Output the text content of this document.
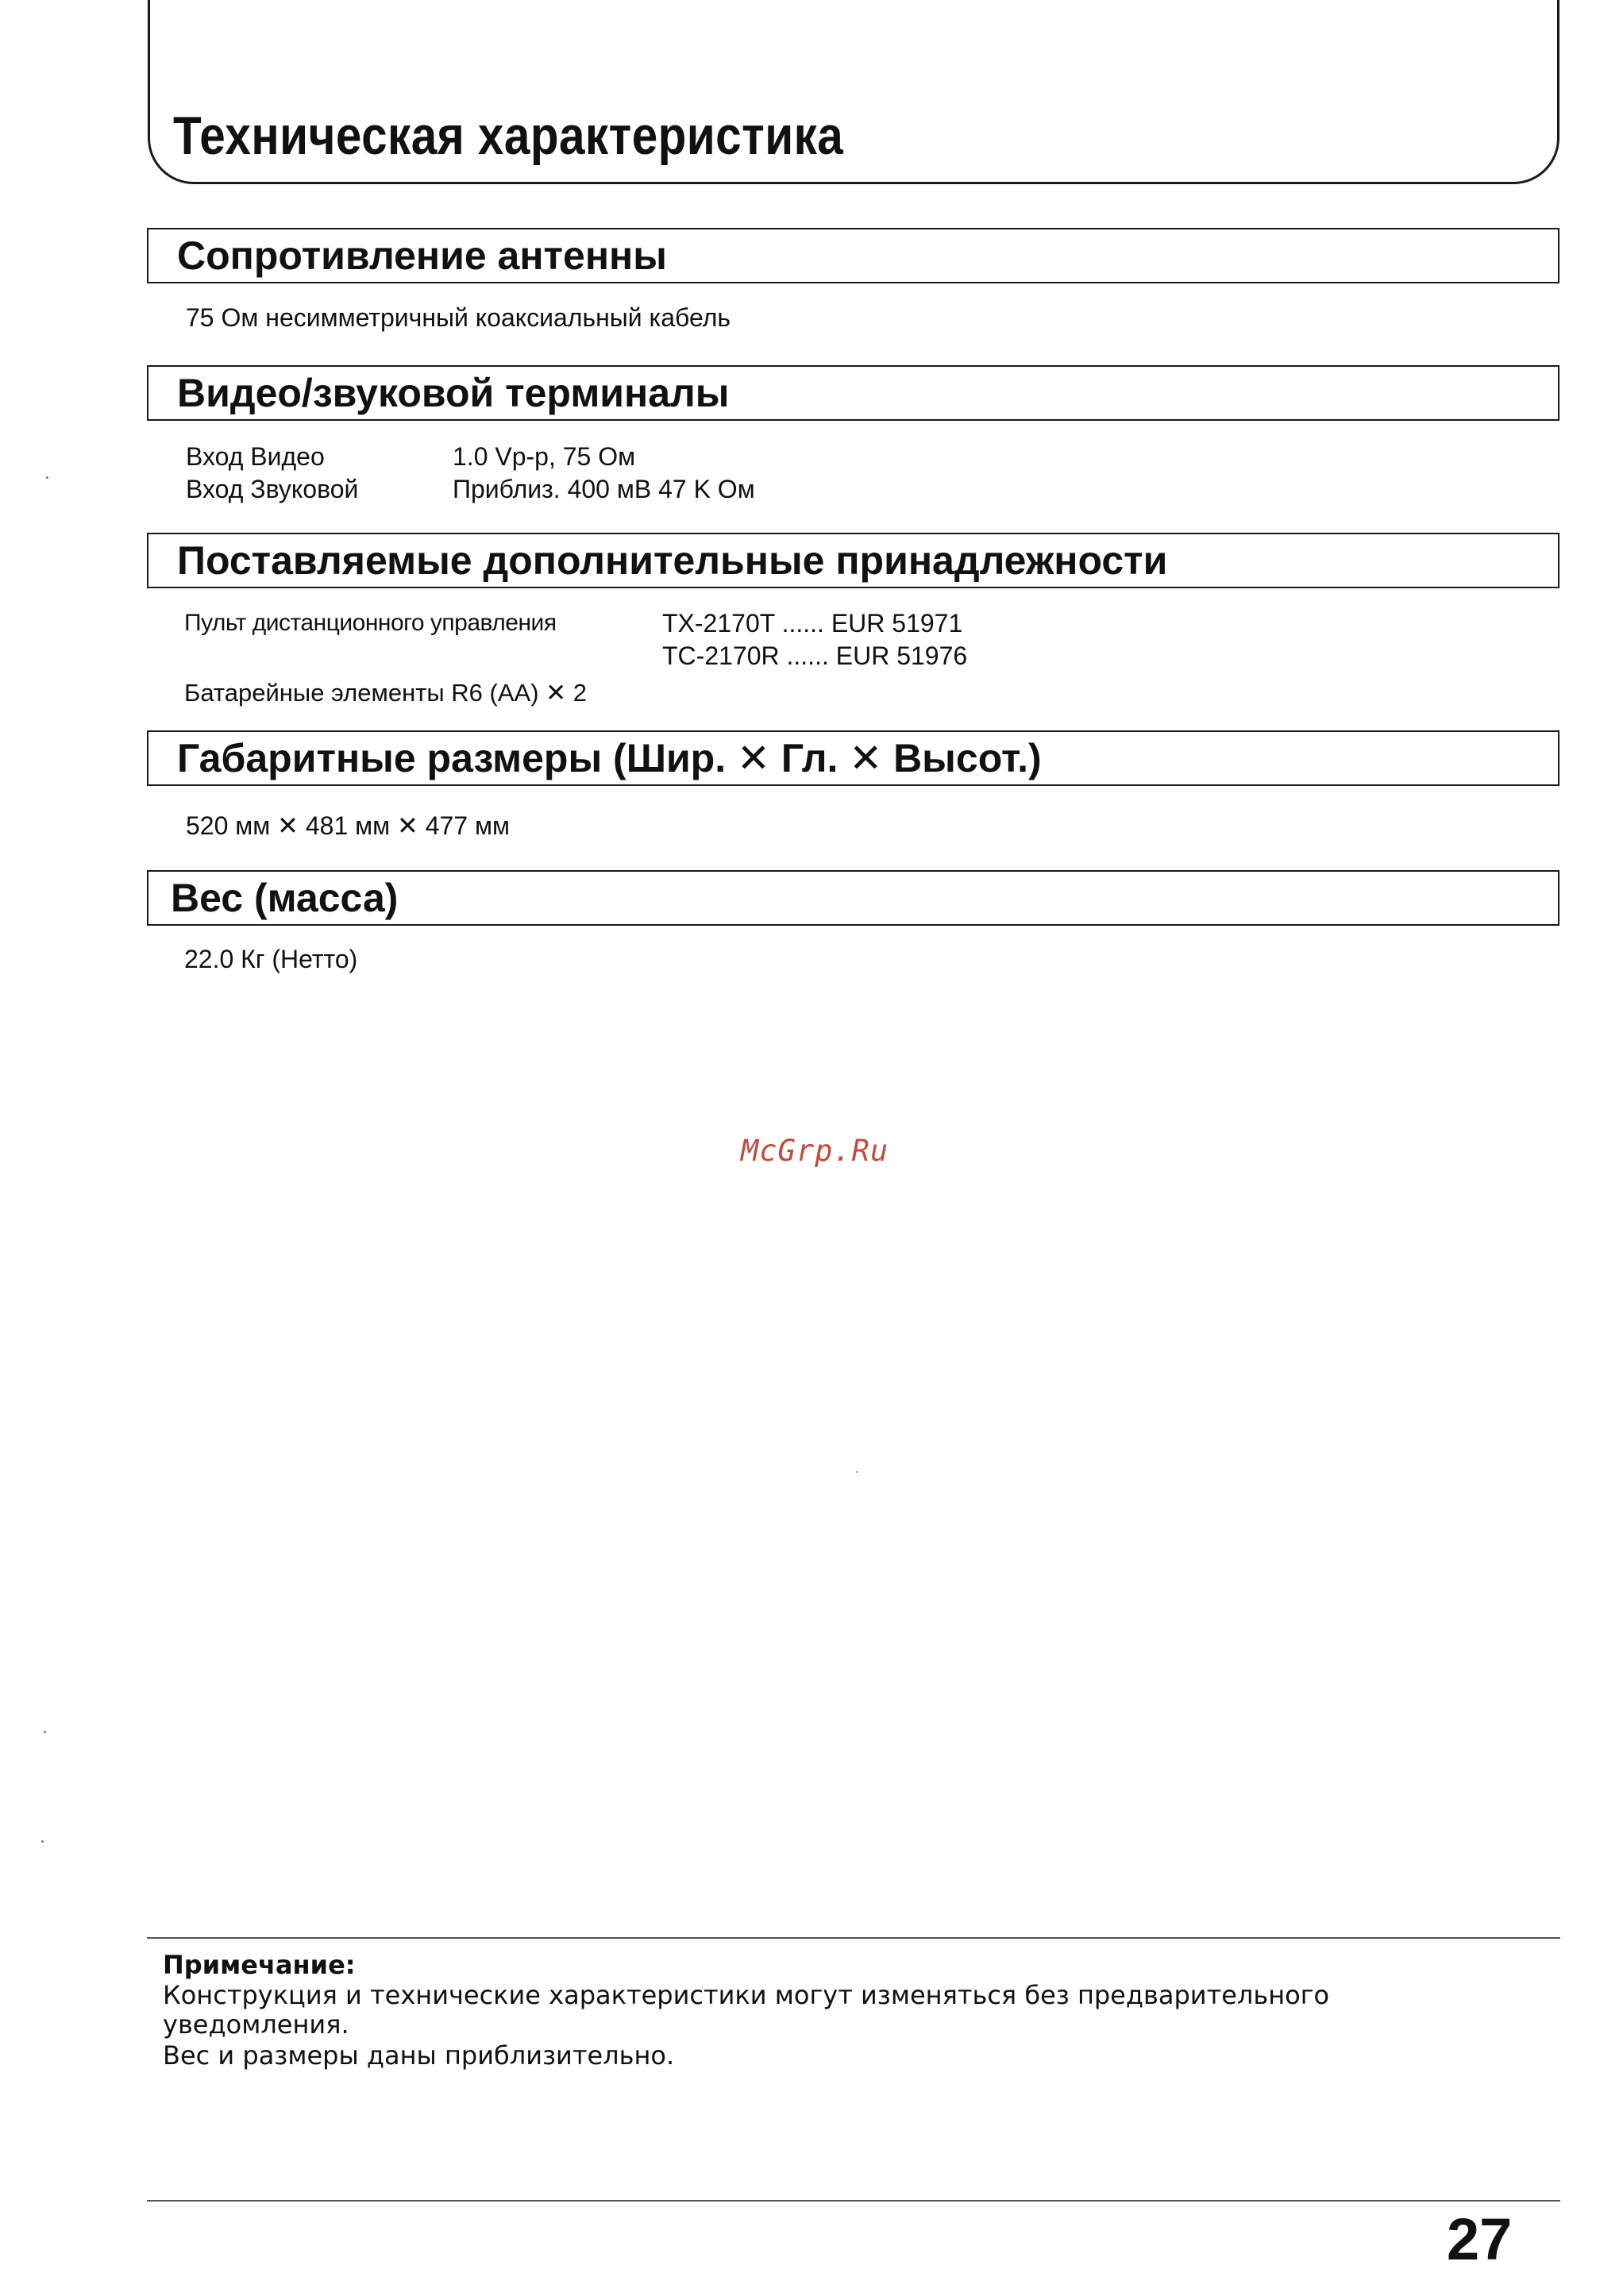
Техническая характеристика
Сопротивление антенны
75 Ом несимметричный коаксиальный кабель
Видео/звуковой терминалы
Вход Видео	1.0 Vp-p, 75 Ом
Вход Звуковой	Приблиз. 400 мВ 47 K Ом
Поставляемые дополнительные принадлежности
Пульт дистанционного управления	TX-2170T ...... EUR 51971
TC-2170R ...... EUR 51976
Батарейные элементы R6 (AA) ✕ 2
Габаритные размеры (Шир. ✕ Гл. ✕ Высот.)
520 мм ✕ 481 мм ✕ 477 мм
Вес (масса)
22.0 Кг (Нетто)
McGrp.Ru
Примечание:
Конструкция и технические характеристики могут изменяться без предварительного
уведомления.
Вес и размеры даны приблизительно.
27
